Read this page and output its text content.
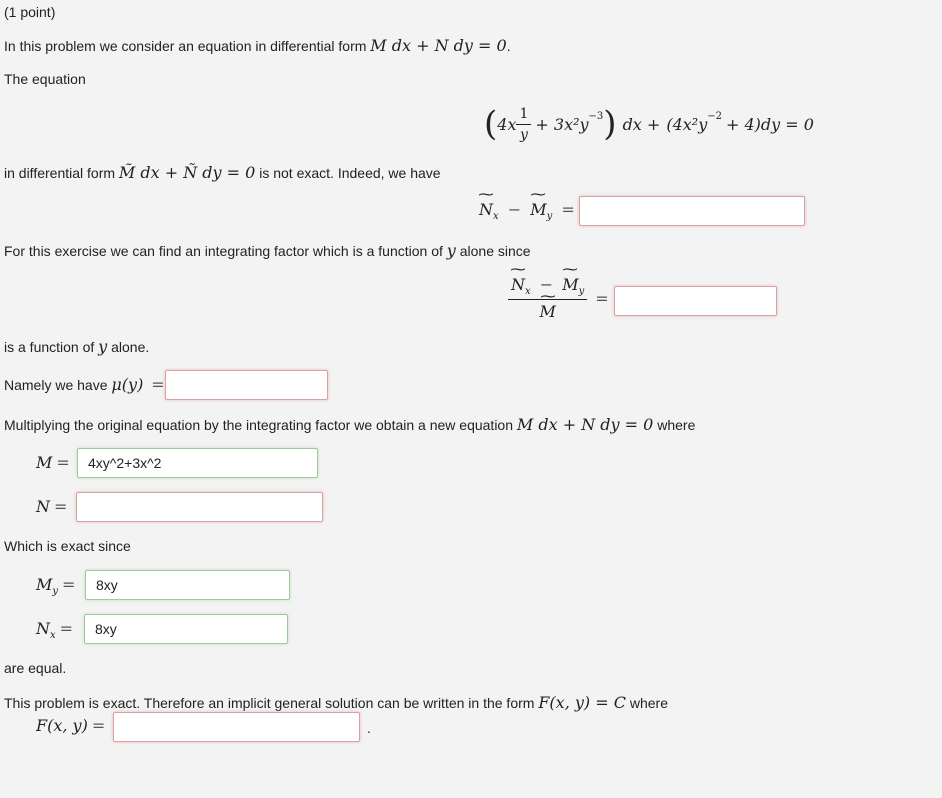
(1 point)
In this problem we consider an equation in differential form M dx + N dy = 0.
The equation
( $4x \frac{1}{y} + 3x^2y^{-3}$ ) dx + $(4x^2y^{-2} + 4)dy = 0$
in differential form M̃ dx + Ñ dy = 0 is not exact. Indeed, we have
~ $N_x$ − ~ $M_y$ =
For this exercise we can find an integrating factor which is a function of y alone since
~ $N_x$ − ~ $M_y$
~ M =
is a function of y alone.
Namely we have μ(y) =
Multiplying the original equation by the integrating factor we obtain a new equation M dx + N dy = 0 where
M =
4xy^2+3x^2
N =
Which is exact since
$M_y$ =
8xy
$N_x$ =
8xy
are equal.
This problem is exact. Therefore an implicit general solution can be written in the form F(x, y) = C where
F(x, y) =	.
